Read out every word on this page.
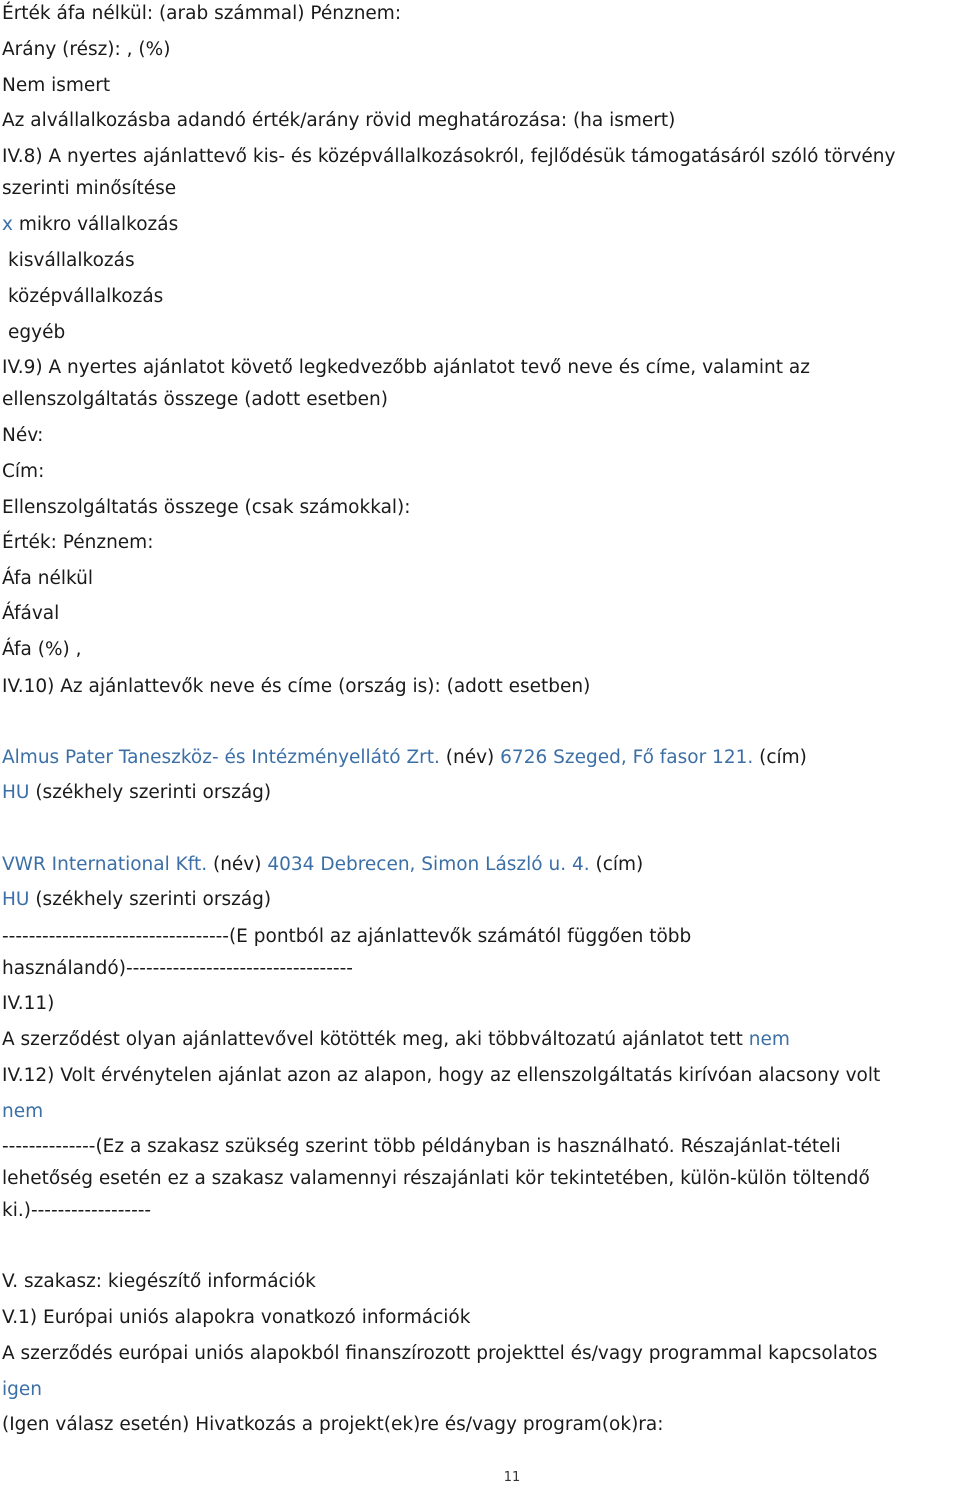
Érték áfa nélkül: (arab számmal) Pénznem:
Arány (rész): , (%)
Nem ismert
Az alvállalkozásba adandó érték/arány rövid meghatározása: (ha ismert)
IV.8) A nyertes ajánlattevő kis- és középvállalkozásokról, fejlődésük támogatásáról szóló törvény
szerinti minősítése
x mikro vállalkozás
kisvállalkozás
középvállalkozás
egyéb
IV.9) A nyertes ajánlatot követő legkedvezőbb ajánlatot tevő neve és címe, valamint az
ellenszolgáltatás összege (adott esetben)
Név:
Cím:
Ellenszolgáltatás összege (csak számokkal):
Érték: Pénznem:
Áfa nélkül
Áfával
Áfa (%) ,
IV.10) Az ajánlattevők neve és címe (ország is): (adott esetben)
Almus Pater Taneszköz- és Intézményellátó Zrt. (név) 6726 Szeged, Fő fasor 121. (cím)
HU (székhely szerinti ország)
VWR International Kft. (név) 4034 Debrecen, Simon László u. 4. (cím)
HU (székhely szerinti ország)
----------------------------------(E pontból az ajánlattevők számától függően több
használandó)----------------------------------
IV.11)
A szerződést olyan ajánlattevővel kötötték meg, aki többváltozatú ajánlatot tett nem
IV.12) Volt érvénytelen ajánlat azon az alapon, hogy az ellenszolgáltatás kirívóan alacsony volt
nem
--------------(Ez a szakasz szükség szerint több példányban is használható. Részajánlat-tételi
lehetőség esetén ez a szakasz valamennyi részajánlati kör tekintetében, külön-külön töltendő
ki.)------------------
V. szakasz: kiegészítő információk
V.1) Európai uniós alapokra vonatkozó információk
A szerződés európai uniós alapokból finanszírozott projekttel és/vagy programmal kapcsolatos
igen
(Igen válasz esetén) Hivatkozás a projekt(ek)re és/vagy program(ok)ra:
11
